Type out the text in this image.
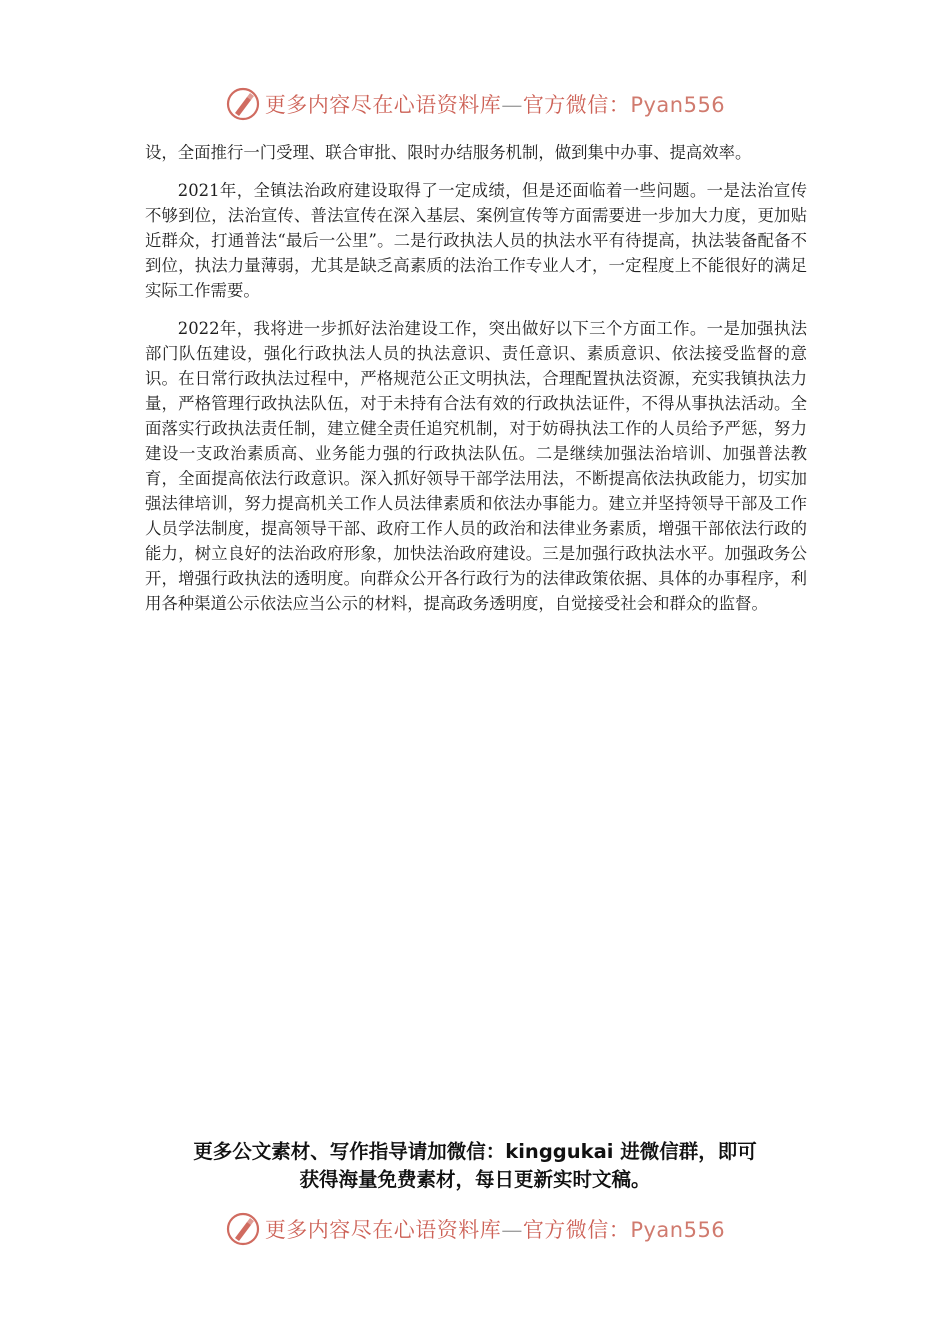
更多内容尽在心语资料库—官方微信：Pyan556

设，全面推行一门受理、联合审批、限时办结服务机制，做到集中办事、提高效率。

2021年，全镇法治政府建设取得了一定成绩，但是还面临着一些问题。一是法治宣传不够到位，法治宣传、普法宣传在深入基层、案例宣传等方面需要进一步加大力度，更加贴近群众，打通普法“最后一公里”。二是行政执法人员的执法水平有待提高，执法装备配备不到位，执法力量薄弱，尤其是缺乏高素质的法治工作专业人才，一定程度上不能很好的满足实际工作需要。

2022年，我将进一步抓好法治建设工作，突出做好以下三个方面工作。一是加强执法部门队伍建设，强化行政执法人员的执法意识、责任意识、素质意识、依法接受监督的意识。在日常行政执法过程中，严格规范公正文明执法，合理配置执法资源，充实我镇执法力量，严格管理行政执法队伍，对于未持有合法有效的行政执法证件，不得从事执法活动。全面落实行政执法责任制，建立健全责任追究机制，对于妨碍执法工作的人员给予严惩，努力建设一支政治素质高、业务能力强的行政执法队伍。二是继续加强法治培训、加强普法教育，全面提高依法行政意识。深入抓好领导干部学法用法，不断提高依法执政能力，切实加强法律培训，努力提高机关工作人员法律素质和依法办事能力。建立并坚持领导干部及工作人员学法制度，提高领导干部、政府工作人员的政治和法律业务素质，增强干部依法行政的能力，树立良好的法治政府形象，加快法治政府建设。三是加强行政执法水平。加强政务公开，增强行政执法的透明度。向群众公开各行政行为的法律政策依据、具体的办事程序，利用各种渠道公示依法应当公示的材料，提高政务透明度，自觉接受社会和群众的监督。

更多公文素材、写作指导请加微信：kinggukai 进微信群，即可
获得海量免费素材，每日更新实时文稿。
更多内容尽在心语资料库—官方微信：Pyan556
